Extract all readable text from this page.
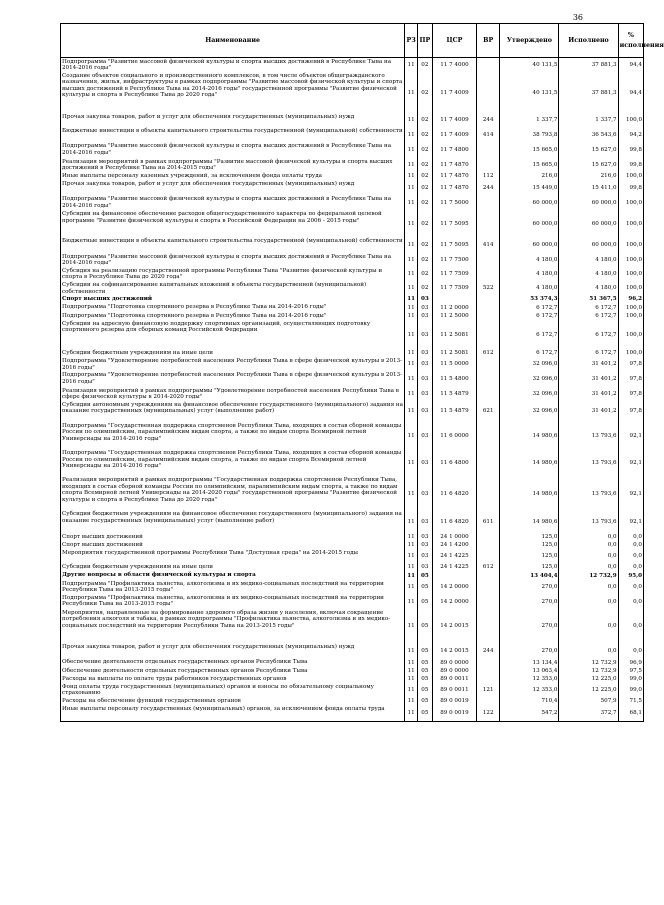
36
Наименование	РЗ	ПР	ЦСР	ВР	Утверждено	Исполнено	% исполнения
Подпрограмма "Развитие массовой физической культуры и спорта высших достижений в Республике Тыва на 2014-2016 годы"	11	02	11 7 4000		40 131,5	37 881,3	94,4
Создание объектов социального и производственного комплексов, в том числе объектов общегражданского назначения, жилья, инфраструктуры в рамках подпрограммы "Развитие массовой физической культуры и спорта высших достижений в Республике Тыва на 2014-2016 годы" государственной программы "Развитие физической культуры и спорта в Республике Тыва до 2020 года"	11	02	11 7 4009		40 131,5	37 881,3	94,4
Прочая закупка товаров, работ и услуг для обеспечения государственных (муниципальных) нужд	11	02	11 7 4009	244	1 337,7	1 337,7	100,0
Бюджетные инвестиции в объекты капитального строительства государственной (муниципальной) собственности	11	02	11 7 4009	414	38 793,8	36 543,6	94,2
Подпрограмма "Развитие массовой физической культуры и спорта высших достижений в Республике Тыва на 2014-2016 годы"	11	02	11 7 4800		15 665,0	15 627,0	99,8
Реализация мероприятий в рамках подпрограммы "Развитие массовой физической культуры и спорта высших достижений в Республике Тыва на 2014-2015 годы"	11	02	11 7 4870		15 665,0	15 627,0	99,8
Иные выплаты персоналу казенных учреждений, за исключением фонда оплаты труда	11	02	11 7 4870	112	216,0	216,0	100,0
Прочая закупка товаров, работ и услуг для обеспечения государственных (муниципальных) нужд	11	02	11 7 4870	244	15 449,0	15 411,0	99,8
Подпрограмма "Развитие массовой физической культуры и спорта высших достижений в Республике Тыва на 2014-2016 годы"	11	02	11 7 5000		60 000,0	60 000,0	100,0
Субсидии на финансовое обеспечение расходов общегосударственного характера по федеральной целевой программе "Развитие физической культуры и спорта в Российской Федерации на 2006 - 2015 годы"	11	02	11 7 5095		60 000,0	60 000,0	100,0
Бюджетные инвестиции в объекты капитального строительства государственной (муниципальной) собственности	11	02	11 7 5095	414	60 000,0	60 000,0	100,0
Подпрограмма "Развитие массовой физической культуры и спорта высших достижений в Республике Тыва на 2014-2016 годы"	11	02	11 7 7500		4 180,0	4 180,0	100,0
Субсидия на реализацию государственной программы Республики Тыва "Развитие физической культуры и спорта в Республике Тыва до 2020 года"	11	02	11 7 7509		4 180,0	4 180,0	100,0
Субсидии на софинансирование капитальных вложений в объекты государственной (муниципальной) собственности	11	02	11 7 7509	522	4 180,0	4 180,0	100,0
Спорт высших достижений	11	03			53 374,3	51 367,5	96,2
Подпрограмма "Подготовка спортивного резерва в Республике Тыва на 2014-2016 годы"	11	03	11 2 0000		6 172,7	6 172,7	100,0
Подпрограмма "Подготовка спортивного резерва в Республике Тыва на 2014-2016 годы"	11	03	11 2 5000		6 172,7	6 172,7	100,0
Субсидии на адресную финансовую поддержку спортивных организаций, осуществляющих подготовку спортивного резерва для сборных команд Российской Федерации	11	03	11 2 5081		6 172,7	6 172,7	100,0
Субсидии бюджетным учреждениям на иные цели	11	03	11 2 5081	612	6 172,7	6 172,7	100,0
Подпрограмма "Удовлетворение потребностей населения Республики Тыва в сфере физической культуры в 2013-2016 годы"	11	03	11 5 0000		32 096,0	31 401,2	97,8
Подпрограмма "Удовлетворение потребностей населения Республики Тыва в сфере физической культуры в 2013-2016 годы"	11	03	11 5 4800		32 096,0	31 401,2	97,8
Реализация мероприятий в рамках подпрограммы "Удовлетворение потребностей населения Республики Тыва в сфере физической культуры в 2014-2020 годы"	11	03	11 5 4879		32 096,0	31 401,2	97,8
Субсидии автономным учреждениям на финансовое обеспечение государственного (муниципального) задания на оказание государственных (муниципальных) услуг (выполнение работ)	11	03	11 5 4879	621	32 096,0	31 401,2	97,8
Подпрограмма "Государственная поддержка спортсменов Республики Тыва, входящих в состав сборной команды России по олимпийским, паралимпийским видам спорта, а также по видам спорта Всемирной летней Универсиады на 2014-2016 годы"	11	03	11 6 0000		14 980,6	13 793,6	92,1
Подпрограмма "Государственная поддержка спортсменов Республики Тыва, входящих в состав сборной команды России по олимпийским, паралимпийским видам спорта, а также по видам спорта Всемирной летней Универсиады на 2014-2016 годы"	11	03	11 6 4800		14 980,6	13 793,6	92,1
Реализация мероприятий в рамках подпрограммы "Государственная поддержка спортсменов Республики Тыва, входящих в состав сборной команды России по олимпийским, паралимпийским видам спорта, а также по видам спорта Всемирной летней Универсиады на 2014-2020 годы" государственной программы "Развитие физической культуры и спорта в Республике Тыва до 2020 года"	11	03	11 6 4820		14 980,6	13 793,6	92,1
Субсидии бюджетным учреждениям на финансовое обеспечение государственного (муниципального) задания на оказание государственных (муниципальных) услуг (выполнение работ)	11	03	11 6 4820	611	14 980,6	13 793,6	92,1
Спорт высших достижений	11	03	24 1 0000		125,0	0,0	0,0
Спорт высших достижений	11	03	24 1 4200		125,0	0,0	0,0
Мероприятия государственной программы Республики Тыва "Доступная среда" на 2014-2015 годы	11	03	24 1 4225		125,0	0,0	0,0
Субсидии бюджетным учреждениям на иные цели	11	03	24 1 4225	612	125,0	0,0	0,0
Другие вопросы в области физической культуры и спорта	11	05			13 404,4	12 732,9	95,0
Подпрограмма "Профилактика пьянства, алкоголизма и их медико-социальных последствий на территории Республики Тыва на 2013-2015 годы"	11	05	14 2 0000		270,0	0,0	0,0
Подпрограмма "Профилактика пьянства, алкоголизма и их медико-социальных последствий на территории Республики Тыва на 2013-2015 годы"	11	05	14 2 0000		270,0	0,0	0,0
Мероприятия, направленные на формирование здорового образа жизни у населения, включая сокращение потребления алкоголя и табака, в рамках подпрограммы "Профилактика пьянства, алкоголизма и их медико-социальных последствий на территории Республики Тыва на 2013-2015 годы"	11	05	14 2 0015		270,0	0,0	0,0
Прочая закупка товаров, работ и услуг для обеспечения государственных (муниципальных) нужд	11	05	14 2 0015	244	270,0	0,0	0,0
Обеспечение деятельности отдельных государственных органов Республики Тыва	11	05	89 0 0000		13 134,4	12 732,9	96,9
Обеспечение деятельности отдельных государственных органов Республики Тыва	11	05	89 0 0000		13 063,4	12 732,9	97,5
Расходы на выплаты по оплате труда работников государственных органов	11	05	89 0 0011		12 353,0	12 225,0	99,0
Фонд оплаты труда государственных (муниципальных) органов и взносы по обязательному социальному страхованию	11	05	89 0 0011	121	12 353,0	12 225,0	99,0
Расходы на обеспечение функций государственных органов	11	05	89 0 0019		710,4	507,9	71,5
Иные выплаты персоналу государственных (муниципальных) органов, за исключением фонда оплаты труда	11	05	89 0 0019	122	547,2	372,7	68,1
